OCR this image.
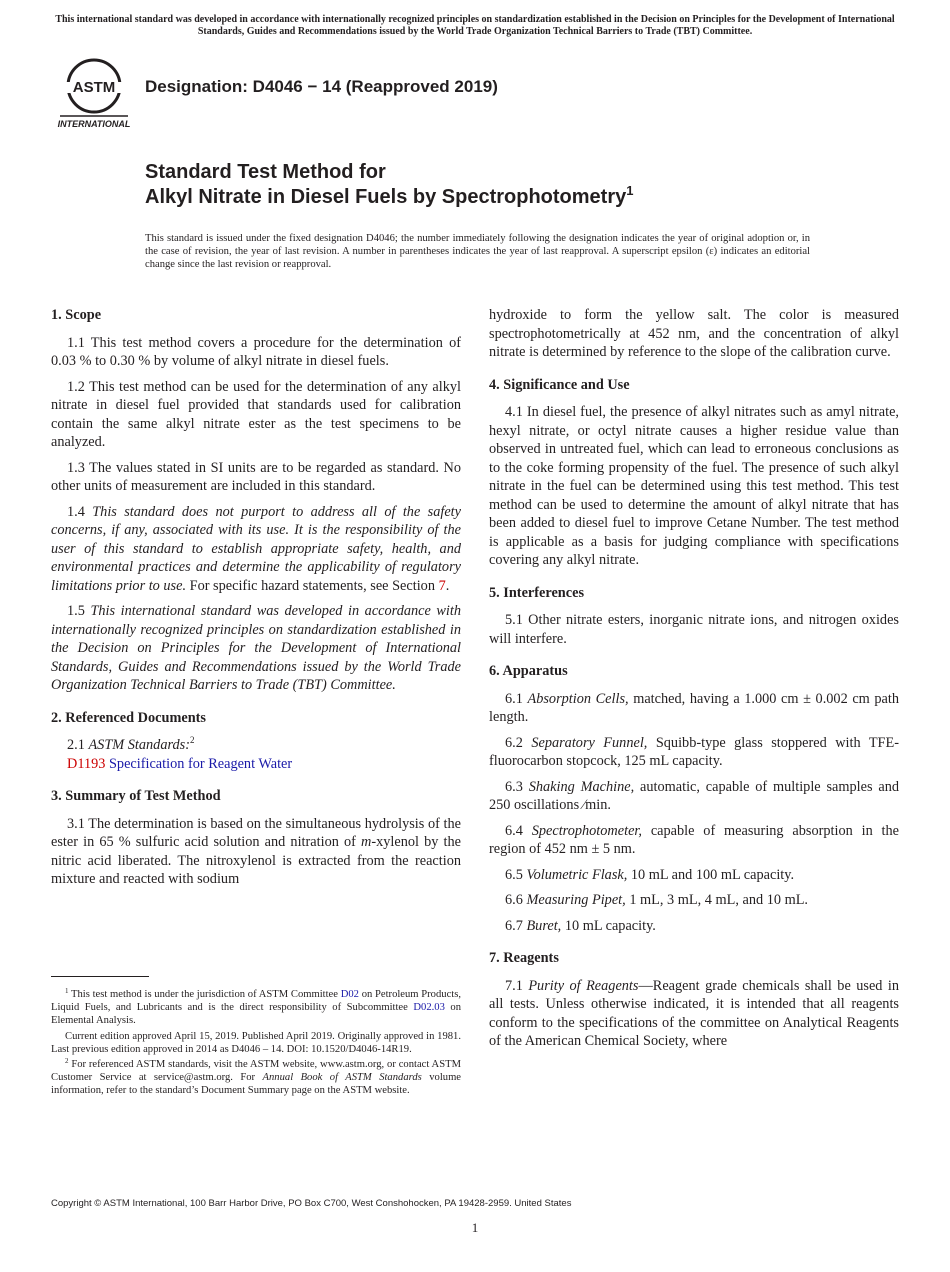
This international standard was developed in accordance with internationally recognized principles on standardization established in the Decision on Principles for the Development of International Standards, Guides and Recommendations issued by the World Trade Organization Technical Barriers to Trade (TBT) Committee.
ASTM
INTERNATIONAL
Designation: D4046 − 14 (Reapproved 2019)
Standard Test Method for
Alkyl Nitrate in Diesel Fuels by Spectrophotometry$^1$
This standard is issued under the fixed designation D4046; the number immediately following the designation indicates the year of original adoption or, in the case of revision, the year of last revision. A number in parentheses indicates the year of last reapproval. A superscript epsilon (ε) indicates an editorial change since the last revision or reapproval.
1. Scope

1.1 This test method covers a procedure for the determination of 0.03 % to 0.30 % by volume of alkyl nitrate in diesel fuels.

1.2 This test method can be used for the determination of any alkyl nitrate in diesel fuel provided that standards used for calibration contain the same alkyl nitrate ester as the test specimens to be analyzed.

1.3 The values stated in SI units are to be regarded as standard. No other units of measurement are included in this standard.

1.4 This standard does not purport to address all of the safety concerns, if any, associated with its use. It is the responsibility of the user of this standard to establish appropriate safety, health, and environmental practices and determine the applicability of regulatory limitations prior to use. For specific hazard statements, see Section 7.

1.5 This international standard was developed in accordance with internationally recognized principles on standardization established in the Decision on Principles for the Development of International Standards, Guides and Recommendations issued by the World Trade Organization Technical Barriers to Trade (TBT) Committee.

2. Referenced Documents
2.1 ASTM Standards:$^2$
D1193 Specification for Reagent Water
3. Summary of Test Method

3.1 The determination is based on the simultaneous hydrolysis of the ester in 65 % sulfuric acid solution and nitration of m-xylenol by the nitric acid liberated. The nitroxylenol is extracted from the reaction mixture and reacted with sodium

$^1$ This test method is under the jurisdiction of ASTM Committee D02 on Petroleum Products, Liquid Fuels, and Lubricants and is the direct responsibility of Subcommittee D02.03 on Elemental Analysis.

Current edition approved April 15, 2019. Published April 2019. Originally approved in 1981. Last previous edition approved in 2014 as D4046 – 14. DOI: 10.1520/D4046-14R19.

$^2$ For referenced ASTM standards, visit the ASTM website, www.astm.org, or contact ASTM Customer Service at service@astm.org. For Annual Book of ASTM Standards volume information, refer to the standard’s Document Summary page on the ASTM website.

hydroxide to form the yellow salt. The color is measured spectrophotometrically at 452 nm, and the concentration of alkyl nitrate is determined by reference to the slope of the calibration curve.

4. Significance and Use

4.1 In diesel fuel, the presence of alkyl nitrates such as amyl nitrate, hexyl nitrate, or octyl nitrate causes a higher residue value than observed in untreated fuel, which can lead to erroneous conclusions as to the coke forming propensity of the fuel. The presence of such alkyl nitrate in the fuel can be determined using this test method. This test method can be used to determine the amount of alkyl nitrate that has been added to diesel fuel to improve Cetane Number. The test method is applicable as a basis for judging compliance with specifications covering any alkyl nitrate.

5. Interferences

5.1 Other nitrate esters, inorganic nitrate ions, and nitrogen oxides will interfere.

6. Apparatus

6.1 Absorption Cells, matched, having a 1.000 cm ± 0.002 cm path length.

6.2 Separatory Funnel, Squibb-type glass stoppered with TFE-fluorocarbon stopcock, 125 mL capacity.

6.3 Shaking Machine, automatic, capable of multiple samples and 250 oscillations ⁄min.

6.4 Spectrophotometer, capable of measuring absorption in the region of 452 nm ± 5 nm.

6.5 Volumetric Flask, 10 mL and 100 mL capacity.

6.6 Measuring Pipet, 1 mL, 3 mL, 4 mL, and 10 mL.

6.7 Buret, 10 mL capacity.

7. Reagents

7.1 Purity of Reagents—Reagent grade chemicals shall be used in all tests. Unless otherwise indicated, it is intended that all reagents conform to the specifications of the committee on Analytical Reagents of the American Chemical Society, where

Copyright © ASTM International, 100 Barr Harbor Drive, PO Box C700, West Conshohocken, PA 19428-2959. United States
1
